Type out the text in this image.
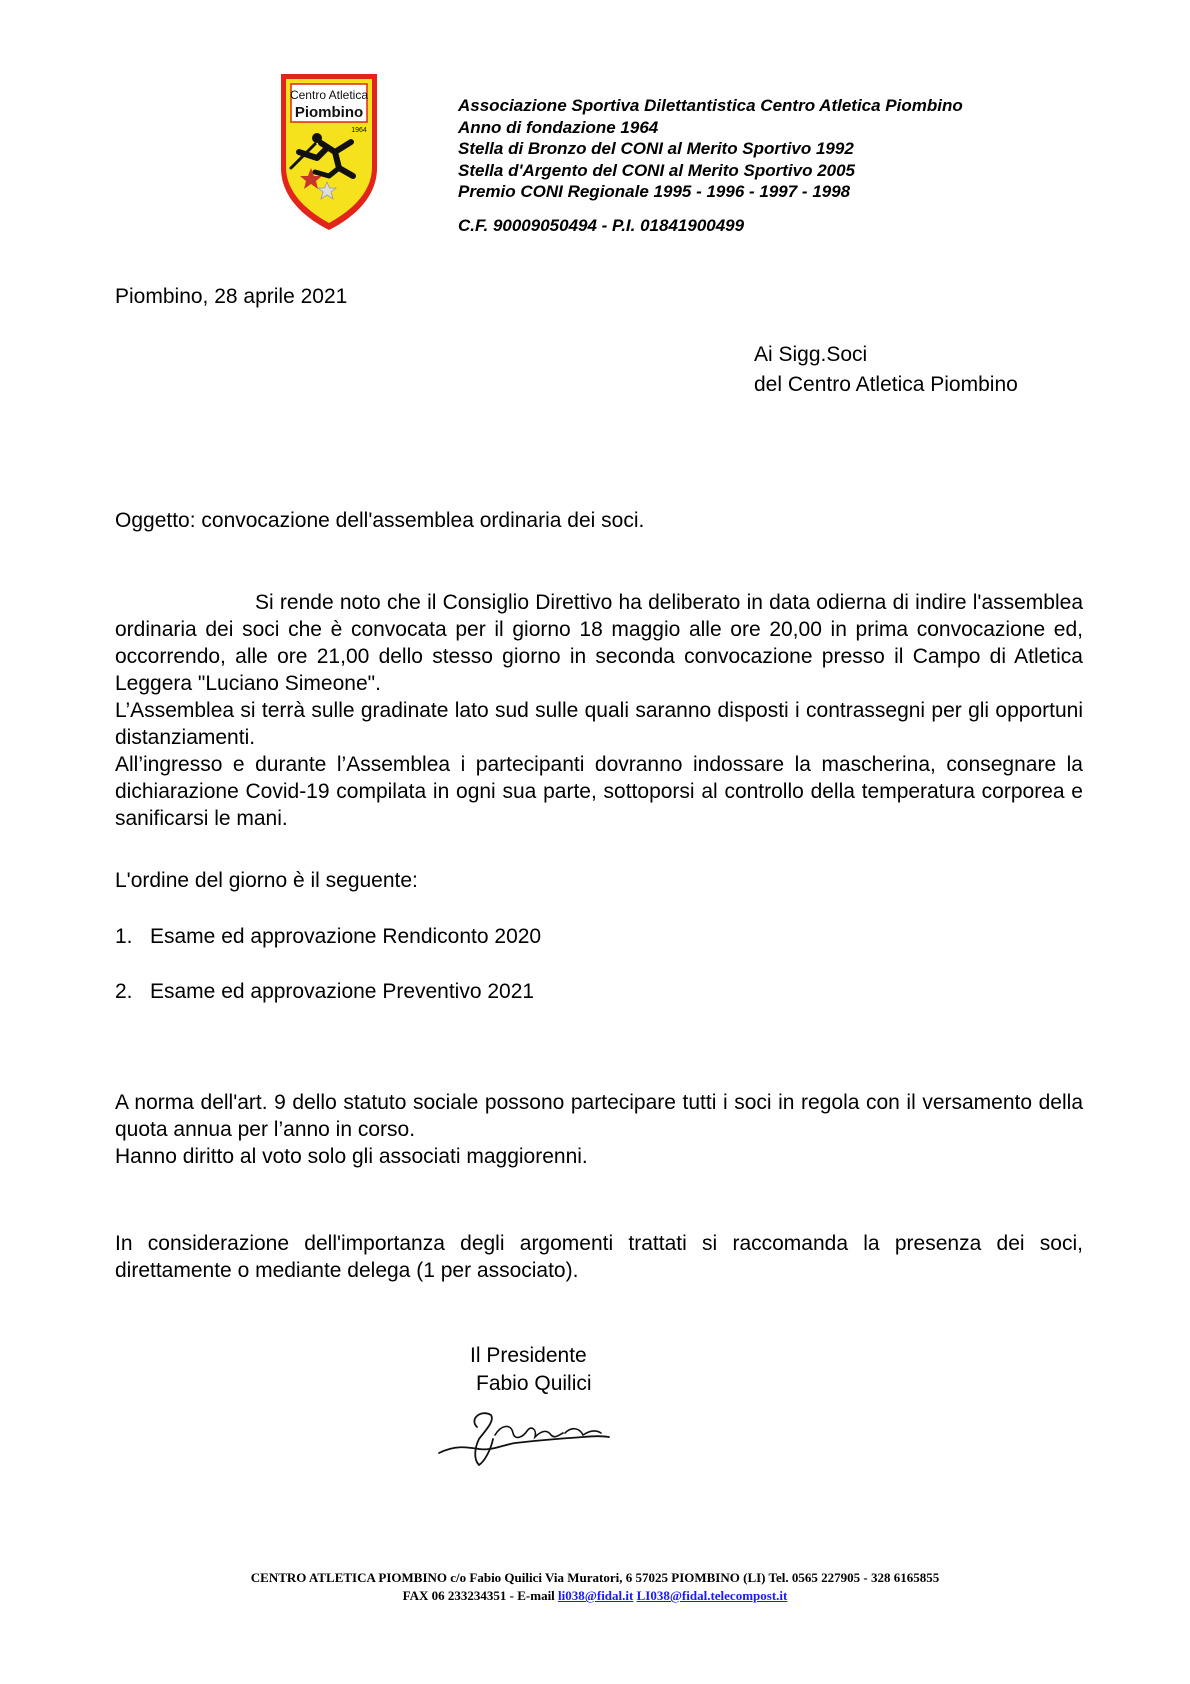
Centro Atletica
Piombino
1964
Associazione Sportiva Dilettantistica Centro Atletica Piombino
Anno di fondazione 1964
Stella di Bronzo del CONI al Merito Sportivo 1992
Stella d'Argento del CONI al Merito Sportivo 2005
Premio CONI Regionale 1995 - 1996 - 1997 - 1998
C.F. 90009050494 - P.I. 01841900499
Piombino, 28 aprile 2021
Ai Sigg.Soci
del Centro Atletica Piombino
Oggetto: convocazione dell'assemblea ordinaria dei soci.

Si rende noto che il Consiglio Direttivo ha deliberato in data odierna di indire l'assemblea ordinaria dei soci che è convocata per il giorno 18 maggio alle ore 20,00 in prima convocazione ed, occorrendo, alle ore 21,00 dello stesso giorno in seconda convocazione presso il Campo di Atletica Leggera "Luciano Simeone".

L’Assemblea si terrà sulle gradinate lato sud sulle quali saranno disposti i contrassegni per gli opportuni distanziamenti.

All’ingresso e durante l’Assemblea i partecipanti dovranno indossare la mascherina, consegnare la dichiarazione Covid-19 compilata in ogni sua parte, sottoporsi al controllo della temperatura corporea e sanificarsi le mani.

L'ordine del giorno è il seguente:
1. Esame ed approvazione Rendiconto 2020
2. Esame ed approvazione Preventivo 2021

A norma dell'art. 9 dello statuto sociale possono partecipare tutti i soci in regola con il versamento della quota annua per l’anno in corso.

Hanno diritto al voto solo gli associati maggiorenni.

In considerazione dell'importanza degli argomenti trattati si raccomanda la presenza dei soci, direttamente o mediante delega (1 per associato).

Il Presidente
Fabio Quilici
CENTRO ATLETICA PIOMBINO c/o Fabio Quilici Via Muratori, 6 57025 PIOMBINO (LI) Tel. 0565 227905 - 328 6165855
FAX 06 233234351 - E-mail li038@fidal.it LI038@fidal.telecompost.it
